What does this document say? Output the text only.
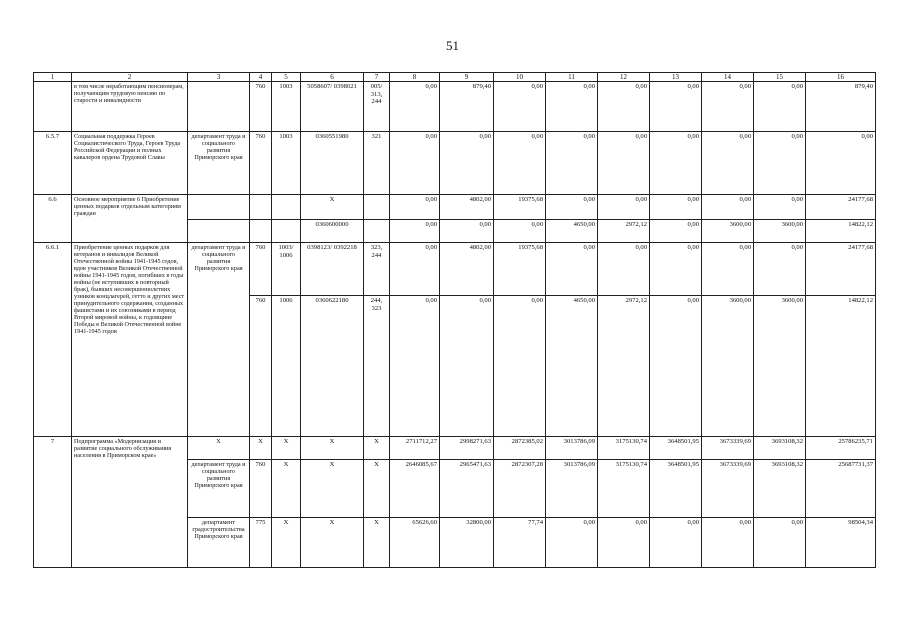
51
1	2	3	4	5	6	7	8	9	10	11	12	13	14	15	16
	в том числе неработающим пенсионерам, получающим трудовую пенсию по старости и инвалидности		760	1003	5058607/ 0398021	005/ 313, 244	0,00	879,40	0,00	0,00	0,00	0,00	0,00	0,00	879,40
6.5.7	Социальная поддержка Героев Социалистического Труда, Героев Труда Российской Федерации и полных кавалеров ордена Трудовой Славы	департамент труда и социального развития Приморского края	760	1003	0360551980	321	0,00	0,00	0,00	0,00	0,00	0,00	0,00	0,00	0,00
6.6	Основное мероприятие 6 Приобретение ценных подарков отдельным категориям граждан				X		0,00	4802,00	19375,68	0,00	0,00	0,00	0,00	0,00	24177,68
					0360600000		0,00	0,00	0,00	4650,00	2972,12	0,00	3600,00	3600,00	14822,12
6.6.1	Приобретение ценных подарков для ветеранов и инвалидов Великой Отечественной войны 1941-1945 годов, вдов участников Великой Отечественной войны 1941-1945 годов, погибших в годы войны (не вступивших в повторный брак), бывших несовершеннолетних узников концлагерей, гетто и других мест принудительного содержания, созданных фашистами и их союзниками в период Второй мировой войны, к годовщине Победы в Великой Отечественной войне 1941-1945 годов	департамент труда и социального развития Приморского края	760	1003/ 1006	0398123/ 0392218	323, 244	0,00	4802,00	19375,68	0,00	0,00	0,00	0,00	0,00	24177,68
			760	1006	0360622180	244, 323	0,00	0,00	0,00	4650,00	2972,12	0,00	3600,00	3600,00	14822,12
7	Подпрограмма «Модернизация и развитие социального обслуживания населения в Приморском крае»	X	X	X	X	X	2711712,27	2998271,63	2872385,02	3013786,09	3175130,74	3648501,95	3673339,69	3693108,32	25786235,71
		департамент труда и социального развития Приморского края	760	X	X	X	2646085,67	2965471,63	2872307,28	3013786,09	3175130,74	3648501,95	3673339,69	3693108,32	25687731,37
		департамент градостроительства Приморского края	775	X	X	X	65626,60	32800,00	77,74	0,00	0,00	0,00	0,00	0,00	98504,34
